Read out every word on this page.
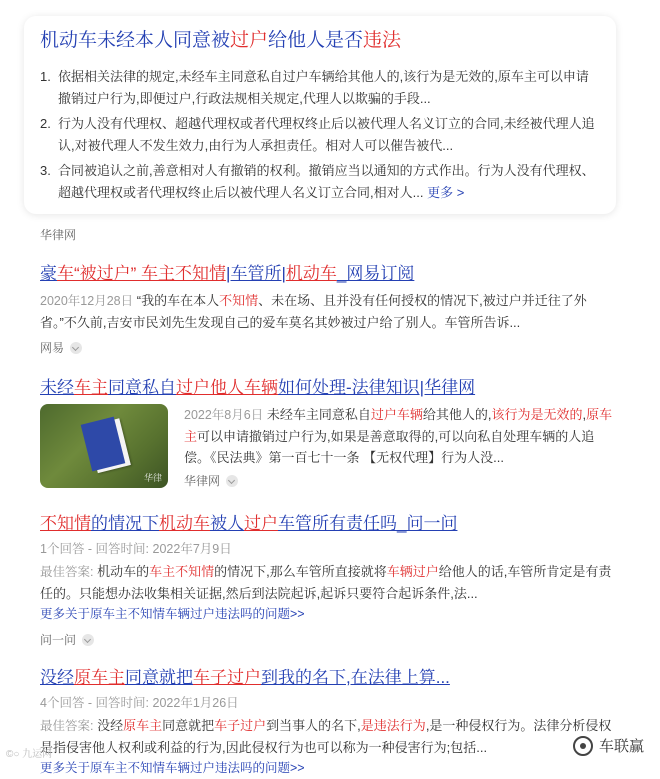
机动车未经本人同意被过户给他人是否违法
1. 依据相关法律的规定,未经车主同意私自过户车辆给其他人的,该行为是无效的,原车主可以申请撤销过户行为,即便过户,行政法规相关规定,代理人以欺骗的手段...
2. 行为人没有代理权、超越代理权或者代理权终止后以被代理人名义订立的合同,未经被代理人追认,对被代理人不发生效力,由行为人承担责任。相对人可以催告被代...
3. 合同被追认之前,善意相对人有撤销的权利。撤销应当以通知的方式作出。行为人没有代理权、超越代理权或者代理权终止后以被代理人名义订立合同,相对人... 更多 >
华律网
豪车“被过户” 车主不知情|车管所|机动车_网易订阅
2020年12月28日 “我的车在本人不知情、未在场、且并没有任何授权的情况下,被过户并迁往了外省。”不久前,吉安市民刘先生发现自己的爱车莫名其妙被过户给了别人。车管所告诉...
网易
未经车主同意私自过户他人车辆如何处理-法律知识|华律网
华律
2022年8月6日 未经车主同意私自过户车辆给其他人的,该行为是无效的,原车主可以申请撤销过户行为,如果是善意取得的,可以向私自处理车辆的人追偿。《民法典》第一百七十一条 【无权代理】行为人没...
华律网
不知情的情况下机动车被人过户车管所有责任吗_问一问
1个回答 - 回答时间: 2022年7月9日
最佳答案: 机动车的车主不知情的情况下,那么车管所直接就将车辆过户给他人的话,车管所肯定是有责任的。只能想办法收集相关证据,然后到法院起诉,起诉只要符合起诉条件,法...
更多关于原车主不知情车辆过户违法吗的问题>>
问一问
没经原车主同意就把车子过户到我的名下,在法律上算...
4个回答 - 回答时间: 2022年1月26日
最佳答案: 没经原车主同意就把车子过户到当事人的名下,是违法行为,是一种侵权行为。法律分析侵权是指侵害他人权利或利益的行为,因此侵权行为也可以称为一种侵害行为;包括...
更多关于原车主不知情车辆过户违法吗的问题>>
©○ 九运网	车联赢
